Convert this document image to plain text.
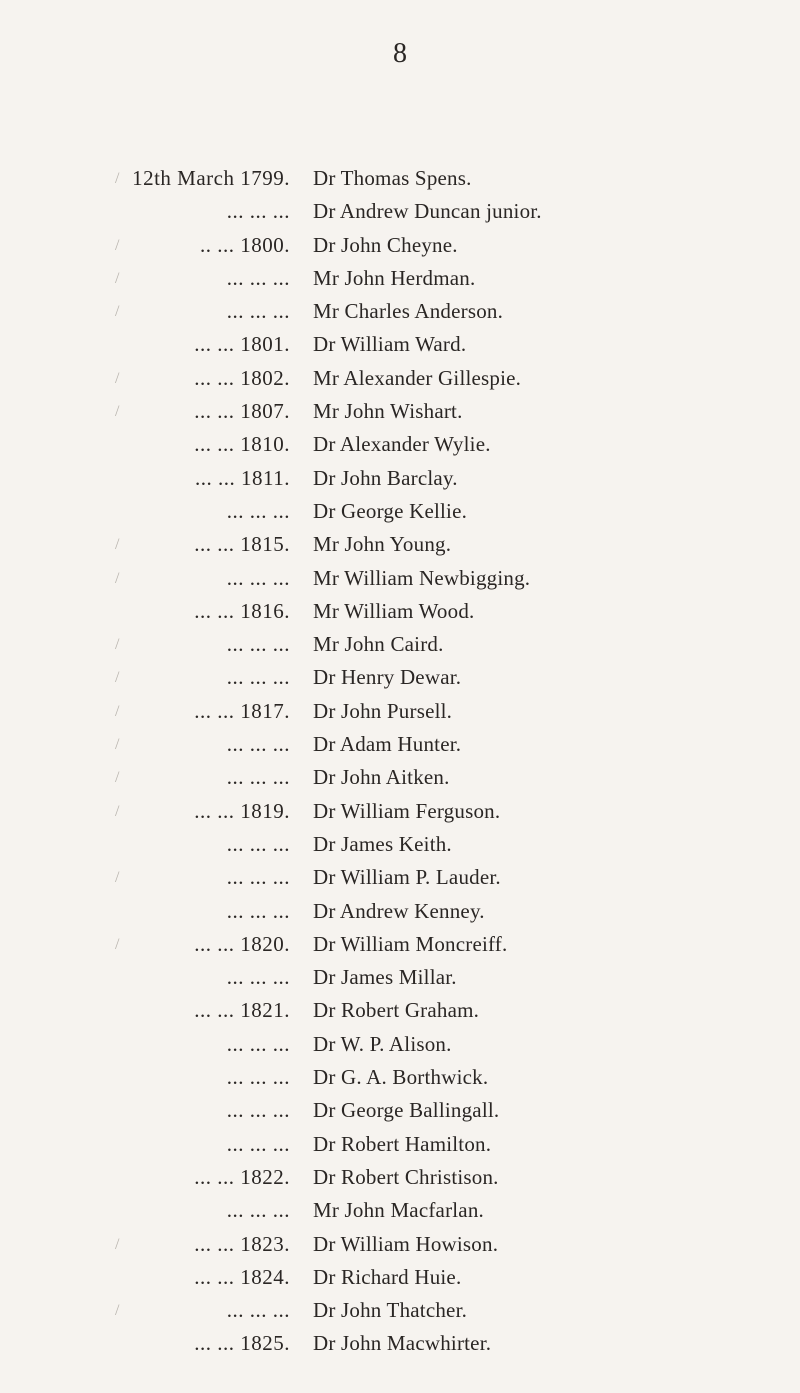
8
/ 12th March 1799. Dr Thomas Spens.
... ... ... Dr Andrew Duncan junior.
/	.. ... 1800. Dr John Cheyne.
/	... ... ... Mr John Herdman.
/	... ... ... Mr Charles Anderson.
... ... 1801. Dr William Ward.
/	... ... 1802. Mr Alexander Gillespie.
/	... ... 1807. Mr John Wishart.
... ... 1810. Dr Alexander Wylie.
... ... 1811. Dr John Barclay.
... ... ... Dr George Kellie.
/	... ... 1815. Mr John Young.
/	... ... ... Mr William Newbigging.
... ... 1816. Mr William Wood.
/	... ... ... Mr John Caird.
/	... ... ... Dr Henry Dewar.
/	... ... 1817. Dr John Pursell.
/	... ... ... Dr Adam Hunter.
/	... ... ... Dr John Aitken.
/	... ... 1819. Dr William Ferguson.
... ... ... Dr James Keith.
/	... ... ... Dr William P. Lauder.
... ... ... Dr Andrew Kenney.
/	... ... 1820. Dr William Moncreiff.
... ... ... Dr James Millar.
... ... 1821. Dr Robert Graham.
... ... ... Dr W. P. Alison.
... ... ... Dr G. A. Borthwick.
... ... ... Dr George Ballingall.
... ... ... Dr Robert Hamilton.
... ... 1822. Dr Robert Christison.
... ... ... Mr John Macfarlan.
/	... ... 1823. Dr William Howison.
... ... 1824. Dr Richard Huie.
/	... ... ... Dr John Thatcher.
... ... 1825. Dr John Macwhirter.
